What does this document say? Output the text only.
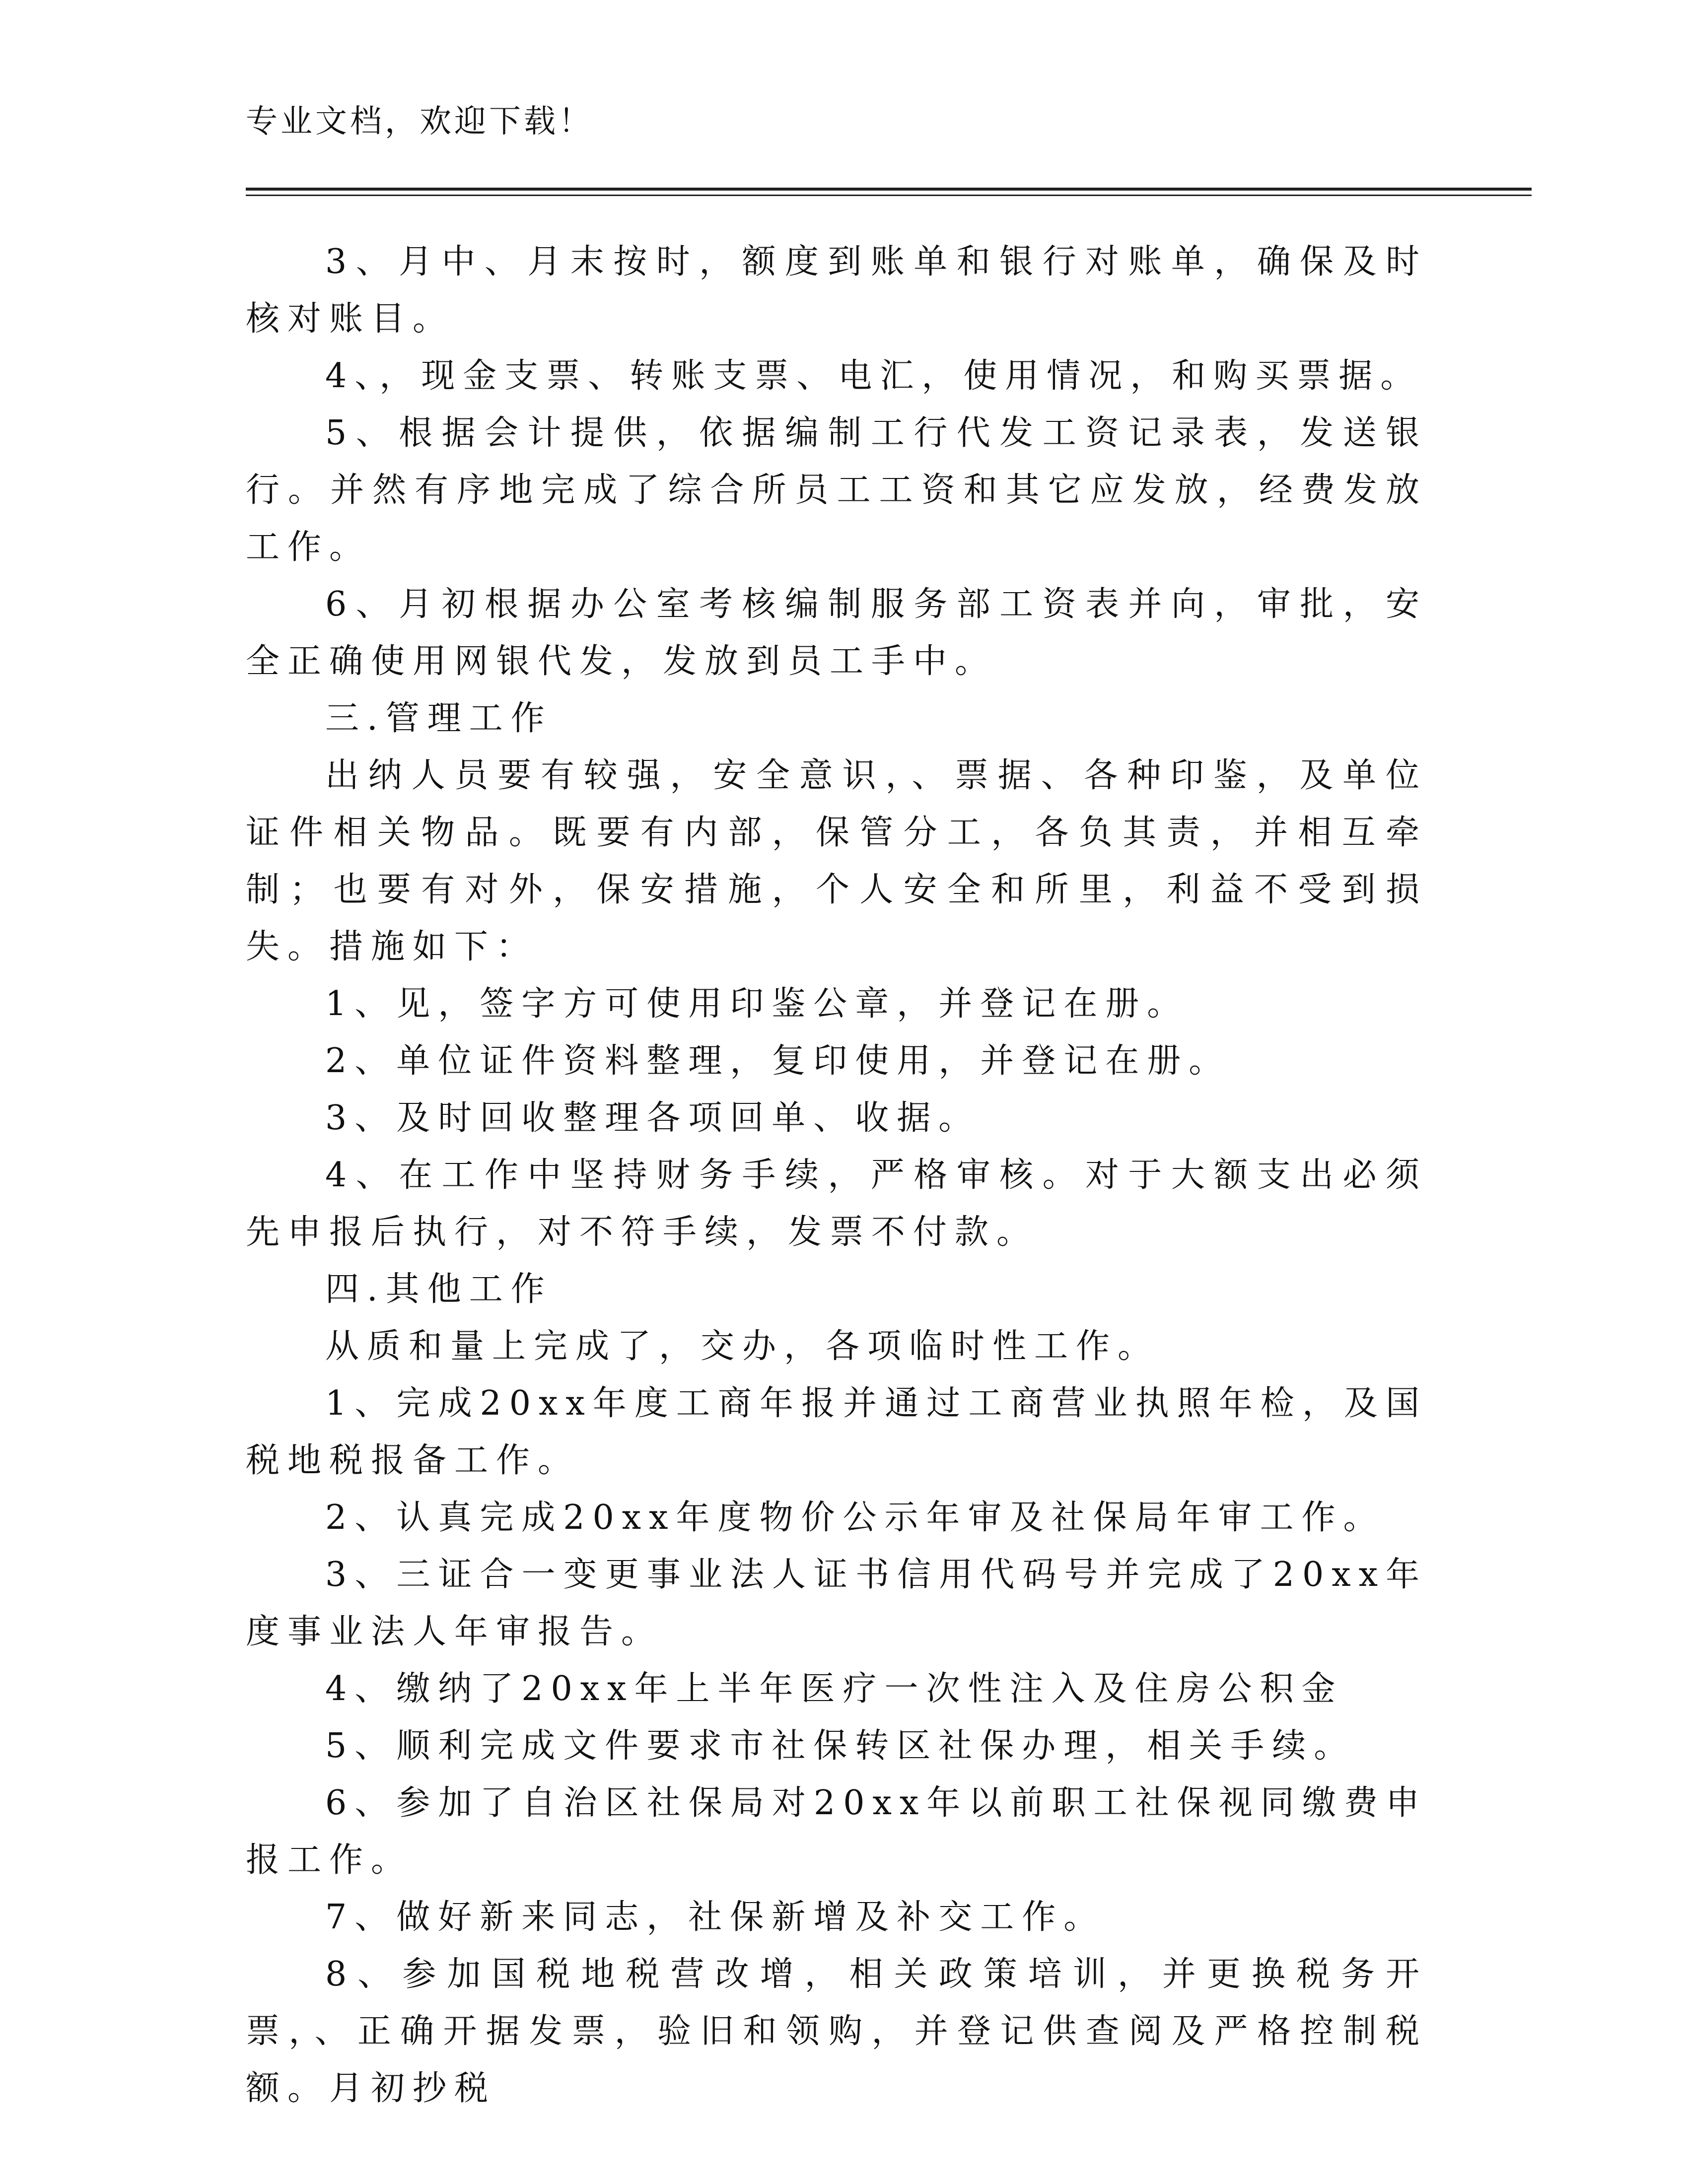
专业文档，欢迎下载！

3、月中、月末按时，额度到账单和银行对账单，确保及时核对账目。

4、，现金支票、转账支票、电汇，使用情况，和购买票据。

5、根据会计提供，依据编制工行代发工资记录表，发送银行。并然有序地完成了综合所员工工资和其它应发放，经费发放工作。

6、月初根据办公室考核编制服务部工资表并向，审批，安全正确使用网银代发，发放到员工手中。

三.管理工作

出纳人员要有较强，安全意识，、票据、各种印鉴，及单位证件相关物品。既要有内部，保管分工，各负其责，并相互牵制；也要有对外，保安措施，个人安全和所里，利益不受到损失。措施如下：

1、见，签字方可使用印鉴公章，并登记在册。

2、单位证件资料整理，复印使用，并登记在册。

3、及时回收整理各项回单、收据。

4、在工作中坚持财务手续，严格审核。对于大额支出必须先申报后执行，对不符手续，发票不付款。

四.其他工作

从质和量上完成了，交办，各项临时性工作。

1、完成20xx年度工商年报并通过工商营业执照年检，及国税地税报备工作。

2、认真完成20xx年度物价公示年审及社保局年审工作。

3、三证合一变更事业法人证书信用代码号并完成了20xx年度事业法人年审报告。

4、缴纳了20xx年上半年医疗一次性注入及住房公积金

5、顺利完成文件要求市社保转区社保办理，相关手续。

6、参加了自治区社保局对20xx年以前职工社保视同缴费申报工作。

7、做好新来同志，社保新增及补交工作。

8、参加国税地税营改增，相关政策培训，并更换税务开票，、正确开据发票，验旧和领购，并登记供查阅及严格控制税额。月初抄税
